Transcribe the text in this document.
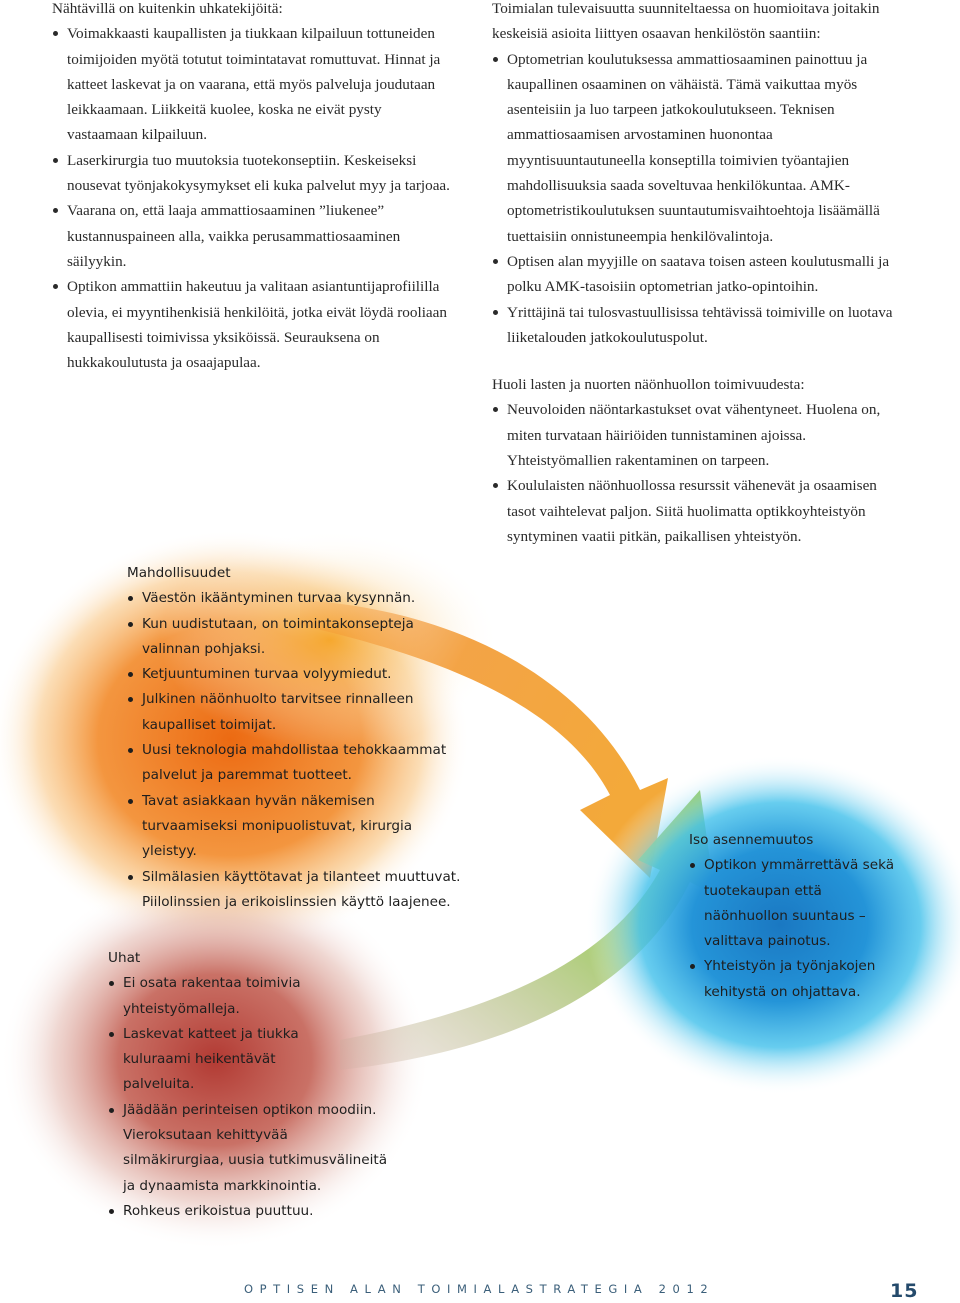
Nähtävillä on kuitenkin uhkatekijöitä:

Voimakkaasti kaupallisten ja tiukkaan kilpailuun tottuneiden toimijoiden myötä totutut toimintatavat romuttuvat. Hinnat ja katteet laskevat ja on vaarana, että myös palveluja joudutaan leikkaamaan. Liikkeitä kuolee, koska ne eivät pysty vastaamaan kilpailuun.
Laserkirurgia tuo muutoksia tuotekonseptiin. Keskeiseksi nousevat työnjakokysymykset eli kuka palvelut myy ja tarjoaa.
Vaarana on, että laaja ammattiosaaminen ”liukenee” kustannuspaineen alla, vaikka perusammattiosaaminen säilyykin.
Optikon ammattiin hakeutuu ja valitaan asiantuntijaprofiililla olevia, ei myyntihenkisiä henkilöitä, jotka eivät löydä rooliaan kaupallisesti toimivissa yksiköissä. Seurauksena on hukkakoulutusta ja osaajapulaa.

Toimialan tulevaisuutta suunniteltaessa on huomioitava joitakin keskeisiä asioita liittyen osaavan henkilöstön saantiin:

Optometrian koulutuksessa ammattiosaaminen painottuu ja kaupallinen osaaminen on vähäistä. Tämä vaikuttaa myös asenteisiin ja luo tarpeen jatkokoulutukseen. Teknisen ammattiosaamisen arvostaminen huonontaa myyntisuuntautuneella konseptilla toimivien työantajien mahdollisuuksia saada soveltuvaa henkilökuntaa. AMK-optometristikoulutuksen suuntautumisvaihtoehtoja lisäämällä tuettaisiin onnistuneempia henkilövalintoja.
Optisen alan myyjille on saatava toisen asteen koulutusmalli ja polku AMK-tasoisiin optometrian jatko-opintoihin.
Yrittäjinä tai tulosvastuullisissa tehtävissä toimiville on luotava liiketalouden jatkokoulutuspolut.

Huoli lasten ja nuorten näönhuollon toimivuudesta:

Neuvoloiden näöntarkastukset ovat vähentyneet. Huolena on, miten turvataan häiriöiden tunnistaminen ajoissa. Yhteistyömallien rakentaminen on tarpeen.
Koululaisten näönhuollossa resurssit vähenevät ja osaamisen tasot vaihtelevat paljon. Siitä huolimatta optikkoyhteistyön syntyminen vaatii pitkän, paikallisen yhteistyön.

Mahdollisuudet

Väestön ikääntyminen turvaa kysynnän.
Kun uudistutaan, on toimintakonsepteja valinnan pohjaksi.
Ketjuuntuminen turvaa volyymiedut.
Julkinen näönhuolto tarvitsee rinnalleen kaupalliset toimijat.
Uusi teknologia mahdollistaa tehokkaammat palvelut ja paremmat tuotteet.
Tavat asiakkaan hyvän näkemisen turvaamiseksi monipuolistuvat, kirurgia yleistyy.
Silmälasien käyttötavat ja tilanteet muuttuvat. Piilolinssien ja erikoislinssien käyttö laajenee.

Uhat

Ei osata rakentaa toimivia yhteistyömalleja.
Laskevat katteet ja tiukka kuluraami heikentävät palveluita.
Jäädään perinteisen optikon moodiin. Vieroksutaan kehittyvää silmäkirurgiaa, uusia tutkimusvälineitä ja dynaamista markkinointia.
Rohkeus erikoistua puuttuu.

Iso asennemuutos

Optikon ymmärrettävä sekä tuotekaupan että näönhuollon suuntaus – valittava painotus.
Yhteistyön ja työnjakojen kehitystä on ohjattava.
OPTISEN ALAN TOIMIALASTRATEGIA 2012	15
